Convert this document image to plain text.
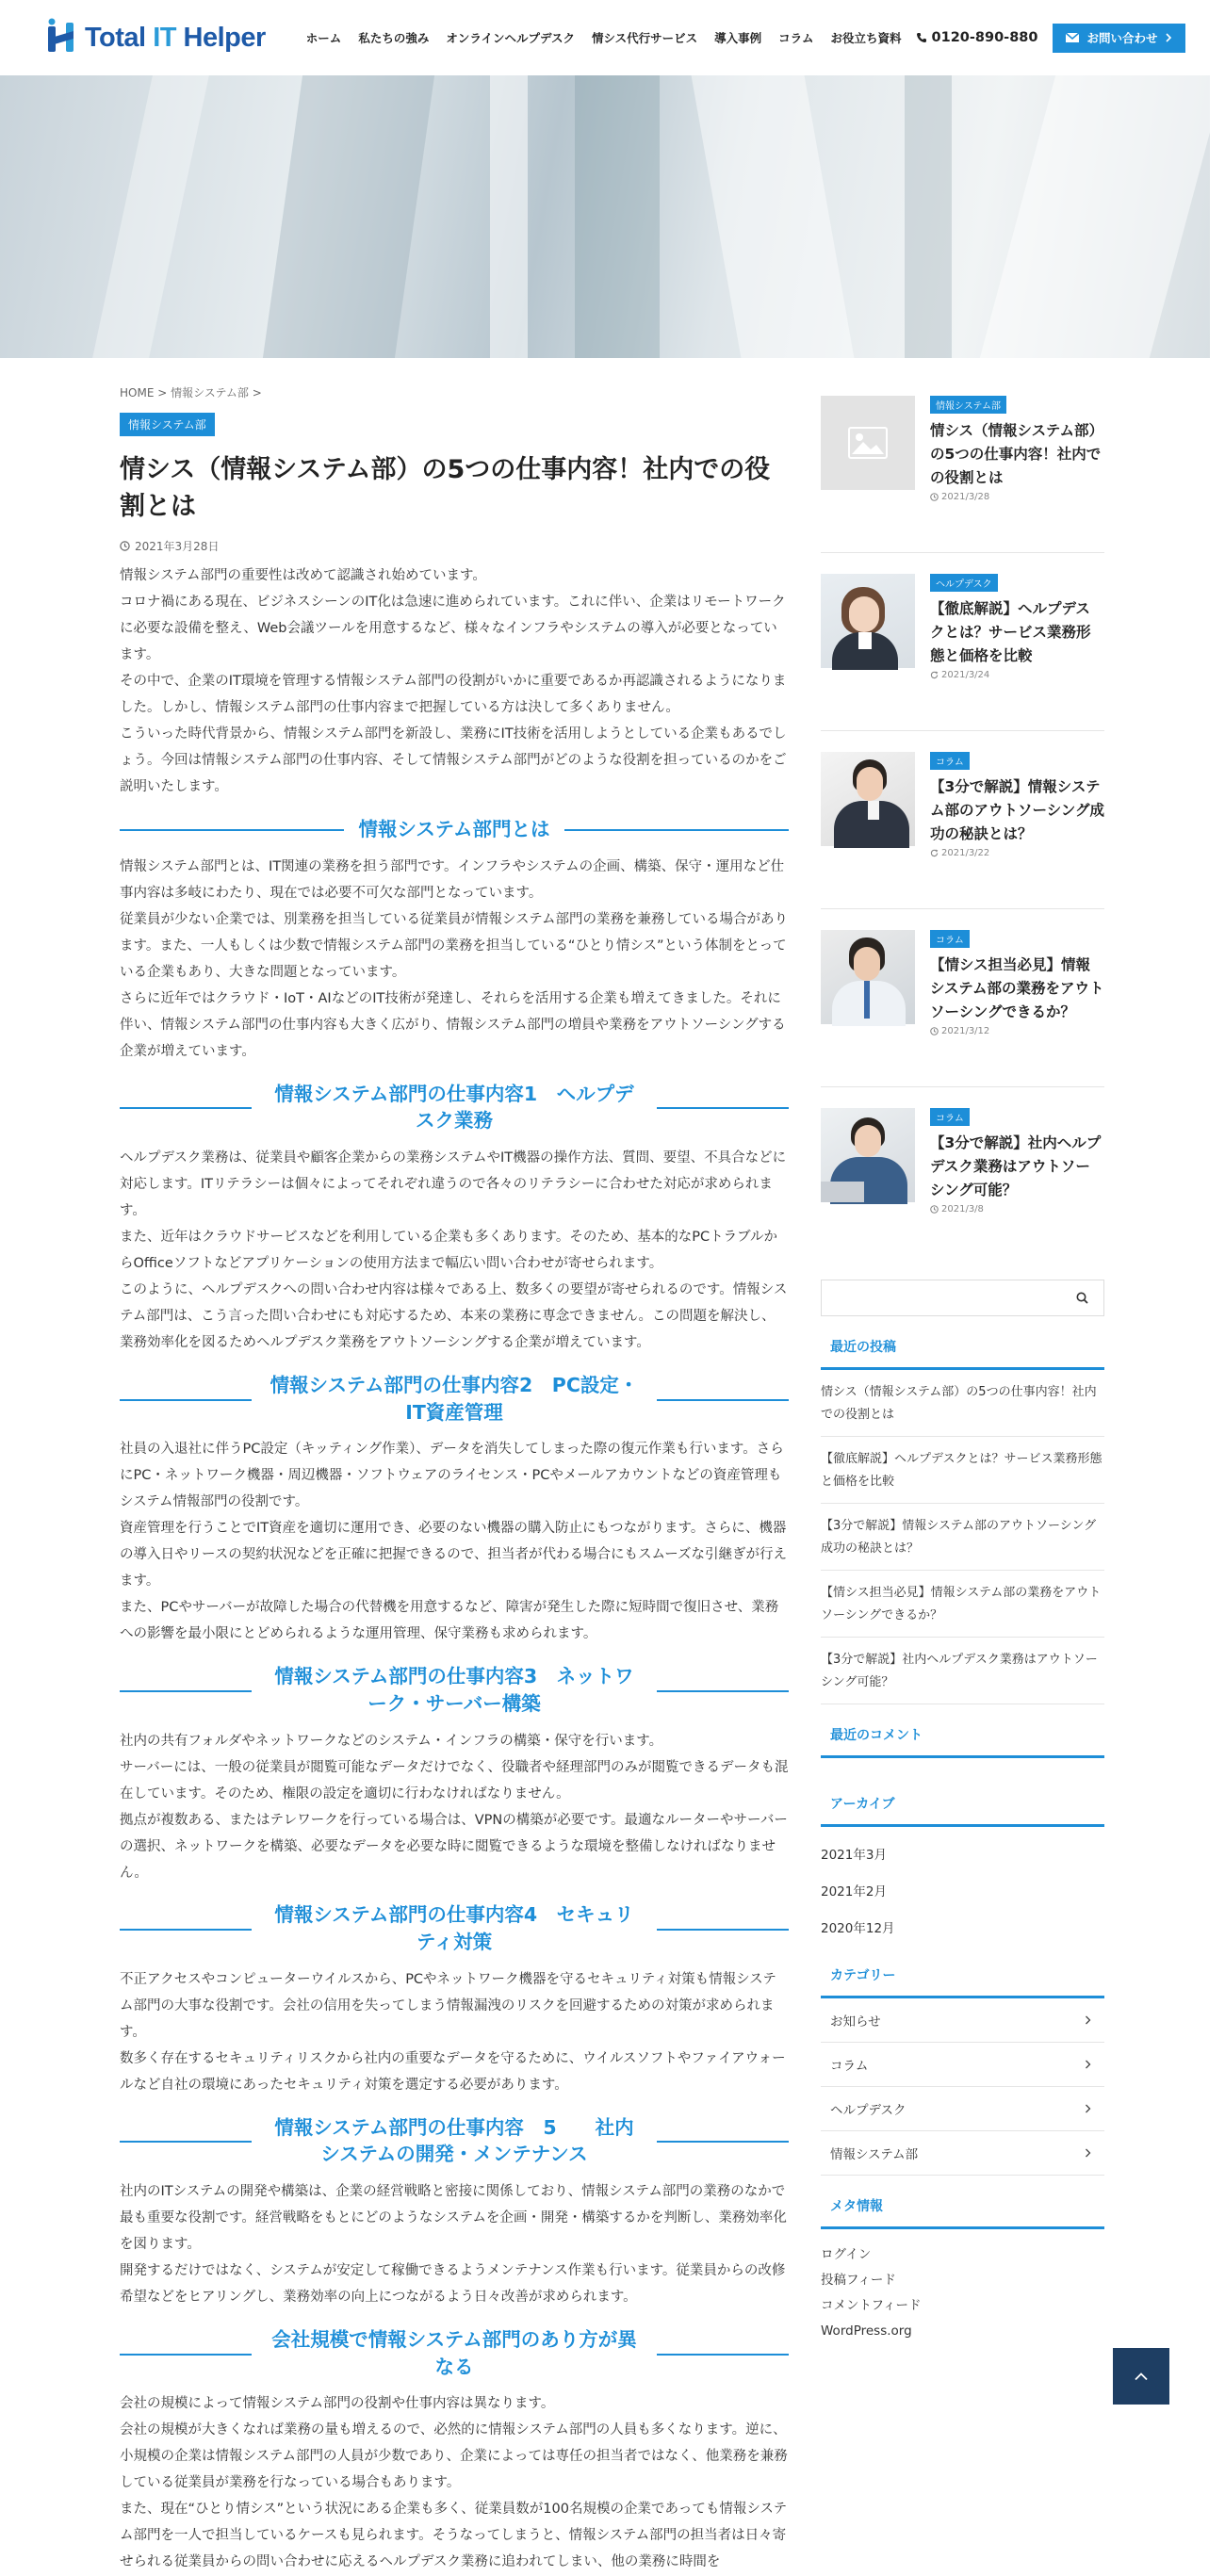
Total IT Helper	ホーム	私たちの強み	オンラインヘルプデスク	情シス代行サービス	導入事例	コラム	お役立ち資料	0120-890-880	お問い合わせ
HOME > 情報システム部 >
情報システム部
情シス（情報システム部）の5つの仕事内容！社内での役割とは
2021年3月28日

情報システム部門の重要性は改めて認識され始めています。

コロナ禍にある現在、ビジネスシーンのIT化は急速に進められています。これに伴い、企業はリモートワークに必要な設備を整え、Web会議ツールを用意するなど、様々なインフラやシステムの導入が必要となっています。

その中で、企業のIT環境を管理する情報システム部門の役割がいかに重要であるか再認識されるようになりました。しかし、情報システム部門の仕事内容まで把握している方は決して多くありません。

こういった時代背景から、情報システム部門を新設し、業務にIT技術を活用しようとしている企業もあるでしょう。今回は情報システム部門の仕事内容、そして情報システム部門がどのような役割を担っているのかをご説明いたします。

情報システム部門とは

情報システム部門とは、IT関連の業務を担う部門です。インフラやシステムの企画、構築、保守・運用など仕事内容は多岐にわたり、現在では必要不可欠な部門となっています。

従業員が少ない企業では、別業務を担当している従業員が情報システム部門の業務を兼務している場合があります。また、一人もしくは少数で情報システム部門の業務を担当している“ひとり情シス”という体制をとっている企業もあり、大きな問題となっています。

さらに近年ではクラウド・IoT・AIなどのIT技術が発達し、それらを活用する企業も増えてきました。それに伴い、情報システム部門の仕事内容も大きく広がり、情報システム部門の増員や業務をアウトソーシングする企業が増えています。

情報システム部門の仕事内容1　ヘルプデスク業務

ヘルプデスク業務は、従業員や顧客企業からの業務システムやIT機器の操作方法、質問、要望、不具合などに対応します。ITリテラシーは個々によってそれぞれ違うので各々のリテラシーに合わせた対応が求められます。

また、近年はクラウドサービスなどを利用している企業も多くあります。そのため、基本的なPCトラブルからOfficeソフトなどアプリケーションの使用方法まで幅広い問い合わせが寄せられます。

このように、ヘルプデスクへの問い合わせ内容は様々である上、数多くの要望が寄せられるのです。情報システム部門は、こう言った問い合わせにも対応するため、本来の業務に専念できません。この問題を解決し、業務効率化を図るためヘルプデスク業務をアウトソーシングする企業が増えています。

情報システム部門の仕事内容2　PC設定・IT資産管理

社員の入退社に伴うPC設定（キッティング作業）、データを消失してしまった際の復元作業も行います。さらにPC・ネットワーク機器・周辺機器・ソフトウェアのライセンス・PCやメールアカウントなどの資産管理もシステム情報部門の役割です。

資産管理を行うことでIT資産を適切に運用でき、必要のない機器の購入防止にもつながります。さらに、機器の導入日やリースの契約状況などを正確に把握できるので、担当者が代わる場合にもスムーズな引継ぎが行えます。

また、PCやサーバーが故障した場合の代替機を用意するなど、障害が発生した際に短時間で復旧させ、業務への影響を最小限にとどめられるような運用管理、保守業務も求められます。

情報システム部門の仕事内容3　ネットワーク・サーバー構築

社内の共有フォルダやネットワークなどのシステム・インフラの構築・保守を行います。

サーバーには、一般の従業員が閲覧可能なデータだけでなく、役職者や経理部門のみが閲覧できるデータも混在しています。そのため、権限の設定を適切に行わなければなりません。

拠点が複数ある、またはテレワークを行っている場合は、VPNの構築が必要です。最適なルーターやサーバーの選択、ネットワークを構築、必要なデータを必要な時に閲覧できるような環境を整備しなければなりません。

情報システム部門の仕事内容4　セキュリティ対策

不正アクセスやコンピューターウイルスから、PCやネットワーク機器を守るセキュリティ対策も情報システム部門の大事な役割です。会社の信用を失ってしまう情報漏洩のリスクを回避するための対策が求められます。

数多く存在するセキュリティリスクから社内の重要なデータを守るために、ウイルスソフトやファイアウォールなど自社の環境にあったセキュリティ対策を選定する必要があります。

情報システム部門の仕事内容　5　　社内システムの開発・メンテナンス

社内のITシステムの開発や構築は、企業の経営戦略と密接に関係しており、情報システム部門の業務のなかで最も重要な役割です。経営戦略をもとにどのようなシステムを企画・開発・構築するかを判断し、業務効率化を図ります。

開発するだけではなく、システムが安定して稼働できるようメンテナンス作業も行います。従業員からの改修希望などをヒアリングし、業務効率の向上につながるよう日々改善が求められます。

会社規模で情報システム部門のあり方が異なる

会社の規模によって情報システム部門の役割や仕事内容は異なります。

会社の規模が大きくなれば業務の量も増えるので、必然的に情報システム部門の人員も多くなります。逆に、小規模の企業は情報システム部門の人員が少数であり、企業によっては専任の担当者ではなく、他業務を兼務している従業員が業務を行なっている場合もあります。

また、現在“ひとり情シス”という状況にある企業も多く、従業員数が100名規模の企業であっても情報システム部門を一人で担当しているケースも見られます。そうなってしまうと、情報システム部門の担当者は日々寄せられる従業員からの問い合わせに応えるヘルプデスク業務に追われてしまい、他の業務に時間を

情報システム部
情シス（情報システム部）の5つの仕事内容！社内での役割とは
2021/3/28
ヘルプデスク
【徹底解説】ヘルプデスクとは？サービス業務形態と価格を比較
2021/3/24
コラム
【3分で解説】情報システム部のアウトソーシング成功の秘訣とは？
2021/3/22
コラム
【情シス担当必見】情報システム部の業務をアウトソーシングできるか？
2021/3/12
コラム
【3分で解説】社内ヘルプデスク業務はアウトソーシング可能？
2021/3/8
最近の投稿
情シス（情報システム部）の5つの仕事内容！社内での役割とは
【徹底解説】ヘルプデスクとは？サービス業務形態と価格を比較
【3分で解説】情報システム部のアウトソーシング成功の秘訣とは？
【情シス担当必見】情報システム部の業務をアウトソーシングできるか？
【3分で解説】社内ヘルプデスク業務はアウトソーシング可能？
最近のコメント
アーカイブ
2021年3月
2021年2月
2020年12月
カテゴリー
お知らせ
コラム
ヘルプデスク
情報システム部
メタ情報
ログイン
投稿フィード
コメントフィード
WordPress.org
